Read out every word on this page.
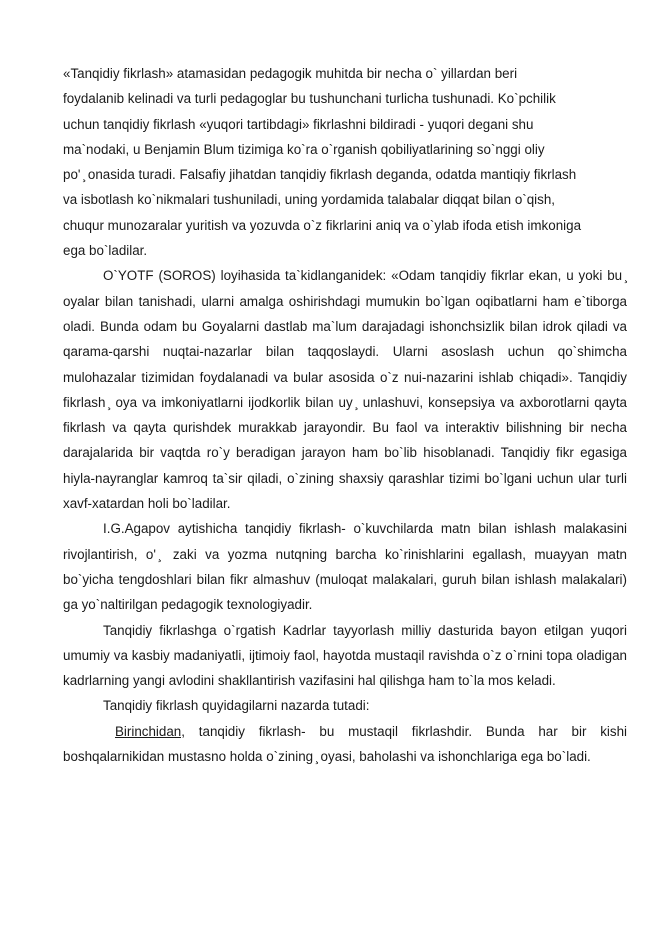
«Tanqidiy fikrlash» atamasidan pedagogik muhitda bir necha o` yillardan beri
foydalanib kelinadi va turli pedagoglar bu tushunchani turlicha tushunadi. Ko`pchilik
uchun tanqidiy fikrlash «yuqori tartibdagi» fikrlashni bildiradi - yuqori degani shu
ma`nodaki, u Benjamin Blum tizimiga ko`ra o`rganish qobiliyatlarining so`nggi oliy
po' ̧ onasida turadi. Falsafiy jihatdan tanqidiy fikrlash deganda, odatda mantiqiy fikrlash
va isbotlash ko`nikmalari tushuniladi, uning yordamida talabalar diqqat bilan o`qish,
chuqur munozaralar yuritish va yozuvda o`z fikrlarini aniq va o`ylab ifoda etish imkoniga
ega bo`ladilar.

O`YOTF (SOROS) loyihasida ta`kidlanganidek: «Odam tanqidiy fikrlar ekan, u yoki bu ̧ oyalar bilan tanishadi, ularni amalga oshirishdagi mumukin bo`lgan oqibatlarni ham e`tiborga oladi. Bunda odam bu Goyalarni dastlab ma`lum darajadagi ishonchsizlik bilan idrok qiladi va qarama-qarshi nuqtai-nazarlar bilan taqqoslaydi. Ularni asoslash uchun qo`shimcha mulohazalar tizimidan foydalanadi va bular asosida o`z nui-nazarini ishlab chiqadi». Tanqidiy fikrlash ̧ oya va imkoniyatlarni ijodkorlik bilan uy ̧ unlashuvi, konsepsiya va axborotlarni qayta fikrlash va qayta qurishdek murakkab jarayondir. Bu faol va interaktiv bilishning bir necha darajalarida bir vaqtda ro`y beradigan jarayon ham bo`lib hisoblanadi. Tanqidiy fikr egasiga hiyla-nayranglar kamroq ta`sir qiladi, o`zining shaxsiy qarashlar tizimi bo`lgani uchun ular turli xavf-xatardan holi bo`ladilar.

I.G.Agapov aytishicha tanqidiy fikrlash- o`kuvchilarda matn bilan ishlash malakasini rivojlantirish, o' ̧ zaki va yozma nutqning barcha ko`rinishlarini egallash, muayyan matn bo`yicha tengdoshlari bilan fikr almashuv (muloqat malakalari, guruh bilan ishlash malakalari) ga yo`naltirilgan pedagogik texnologiyadir.

Tanqidiy fikrlashga o`rgatish Kadrlar tayyorlash milliy dasturida bayon etilgan yuqori umumiy va kasbiy madaniyatli, ijtimoiy faol, hayotda mustaqil ravishda o`z o`rnini topa oladigan kadrlarning yangi avlodini shakllantirish vazifasini hal qilishga ham to`la mos keladi.

Tanqidiy fikrlash quyidagilarni nazarda tutadi:

Birinchidan, tanqidiy fikrlash- bu mustaqil fikrlashdir. Bunda har bir kishi boshqalarnikidan mustasno holda o`zining ̧ oyasi, baholashi va ishonchlariga ega bo`ladi.
